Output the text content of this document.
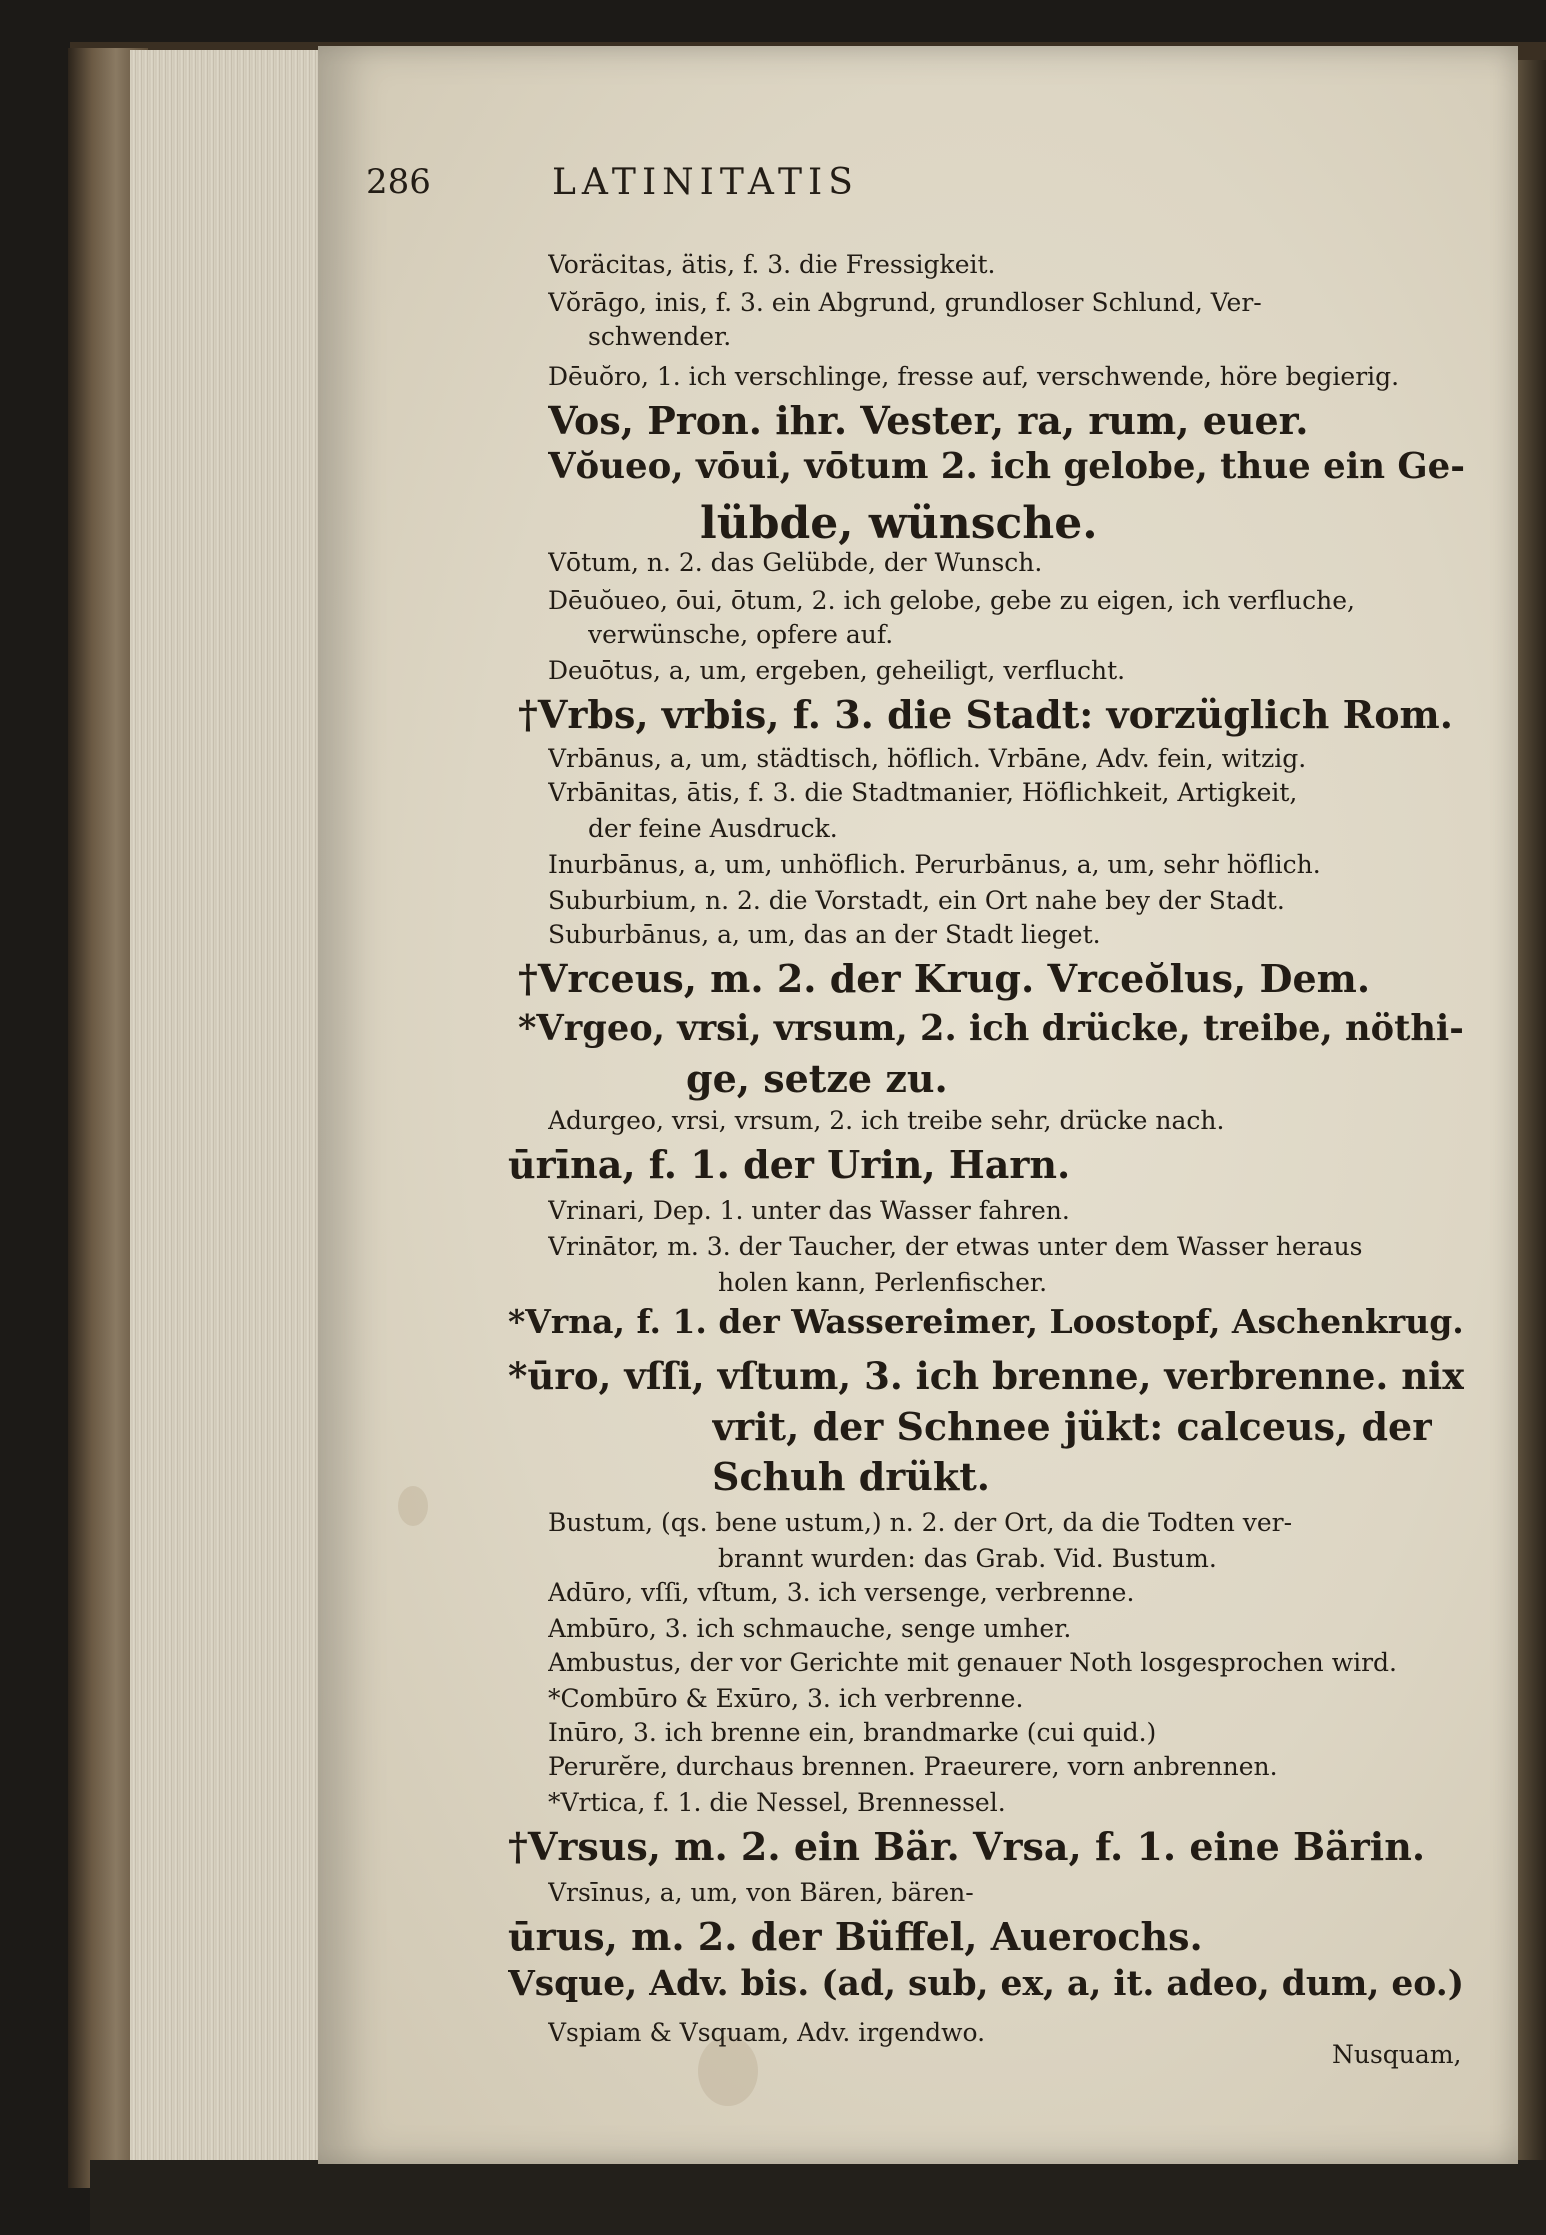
286	LATINITATIS
Voräcitas, ätis, f. 3. die Fressigkeit.
Vŏrāgo, inis, f. 3. ein Abgrund, grundloser Schlund, Ver-
schwender.
Dēuŏro, 1. ich verschlinge, fresse auf, verschwende, höre begierig.
Vos, Pron. ihr. Vester, ra, rum, euer.
Vŏueo, vōui, vōtum 2. ich gelobe, thue ein Ge-
lübde, wünsche.
Vōtum, n. 2. das Gelübde, der Wunsch.
Dēuŏueo, ōui, ōtum, 2. ich gelobe, gebe zu eigen, ich verfluche,
verwünsche, opfere auf.
Deuōtus, a, um, ergeben, geheiligt, verflucht.
†Vrbs, vrbis, f. 3. die Stadt: vorzüglich Rom.
Vrbānus, a, um, städtisch, höflich. Vrbāne, Adv. fein, witzig.
Vrbānitas, ātis, f. 3. die Stadtmanier, Höflichkeit, Artigkeit,
der feine Ausdruck.
Inurbānus, a, um, unhöflich. Perurbānus, a, um, sehr höflich.
Suburbium, n. 2. die Vorstadt, ein Ort nahe bey der Stadt.
Suburbānus, a, um, das an der Stadt lieget.
†Vrceus, m. 2. der Krug. Vrceŏlus, Dem.
*Vrgeo, vrsi, vrsum, 2. ich drücke, treibe, nöthi-
ge, setze zu.
Adurgeo, vrsi, vrsum, 2. ich treibe sehr, drücke nach.
ūrīna, f. 1. der Urin, Harn.
Vrinari, Dep. 1. unter das Wasser fahren.
Vrinātor, m. 3. der Taucher, der etwas unter dem Wasser heraus
holen kann, Perlenfischer.
*Vrna, f. 1. der Wassereimer, Loostopf, Aschenkrug.
*ūro, vſſi, vſtum, 3. ich brenne, verbrenne. nix
vrit, der Schnee jükt: calceus, der
Schuh drükt.
Bustum, (qs. bene ustum,) n. 2. der Ort, da die Todten ver-
brannt wurden: das Grab. Vid. Bustum.
Adūro, vſſi, vſtum, 3. ich versenge, verbrenne.
Ambūro, 3. ich schmauche, senge umher.
Ambustus, der vor Gerichte mit genauer Noth losgesprochen wird.
*Combūro & Exūro, 3. ich verbrenne.
Inūro, 3. ich brenne ein, brandmarke (cui quid.)
Perurĕre, durchaus brennen. Praeurere, vorn anbrennen.
*Vrtica, f. 1. die Nessel, Brennessel.
†Vrsus, m. 2. ein Bär. Vrsa, f. 1. eine Bärin.
Vrsīnus, a, um, von Bären, bären-
ūrus, m. 2. der Büffel, Auerochs.
Vsque, Adv. bis. (ad, sub, ex, a, it. adeo, dum, eo.)
Vspiam & Vsquam, Adv. irgendwo.
Nusquam,
